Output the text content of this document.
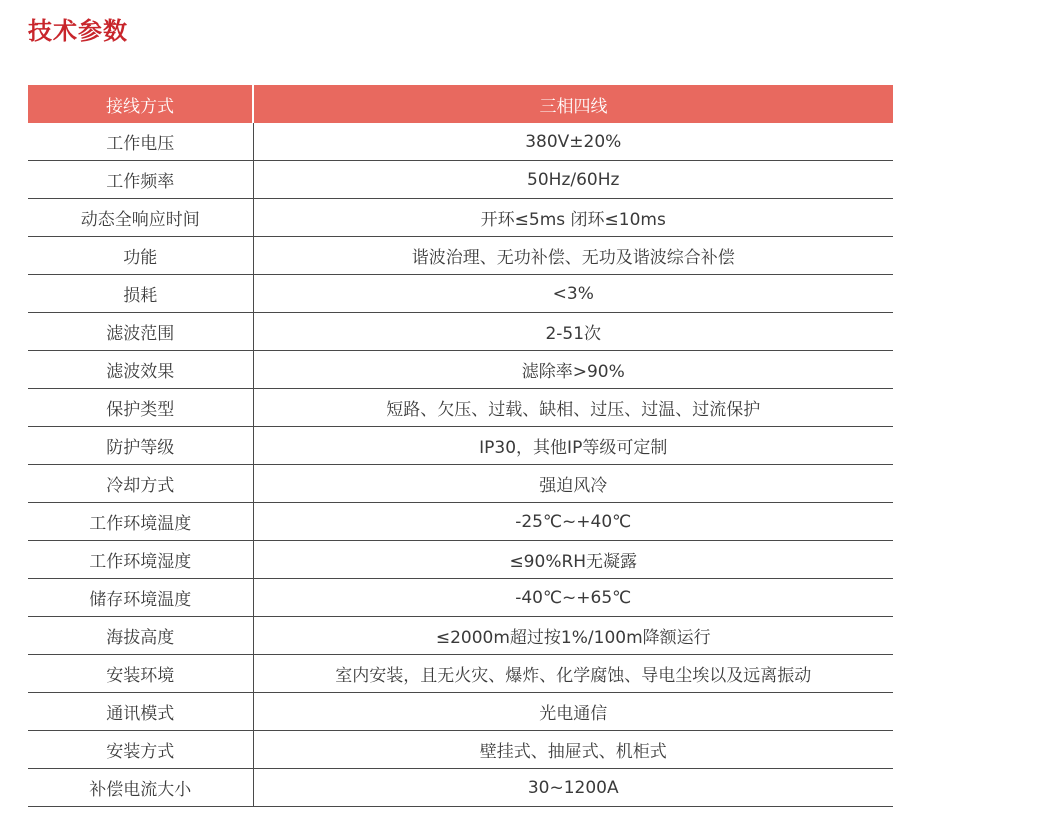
技术参数
接线方式	三相四线
工作电压	380V±20%
工作频率	50Hz/60Hz
动态全响应时间	开环≤5ms 闭环≤10ms
功能	谐波治理、无功补偿、无功及谐波综合补偿
损耗	<3%
滤波范围	2-51次
滤波效果	滤除率>90%
保护类型	短路、欠压、过载、缺相、过压、过温、过流保护
防护等级	IP30，其他IP等级可定制
冷却方式	强迫风冷
工作环境温度	-25℃~+40℃
工作环境湿度	≤90%RH无凝露
储存环境温度	-40℃~+65℃
海拔高度	≤2000m超过按1%/100m降额运行
安装环境	室内安装，且无火灾、爆炸、化学腐蚀、导电尘埃以及远离振动
通讯模式	光电通信
安装方式	壁挂式、抽屉式、机柜式
补偿电流大小	30~1200A
